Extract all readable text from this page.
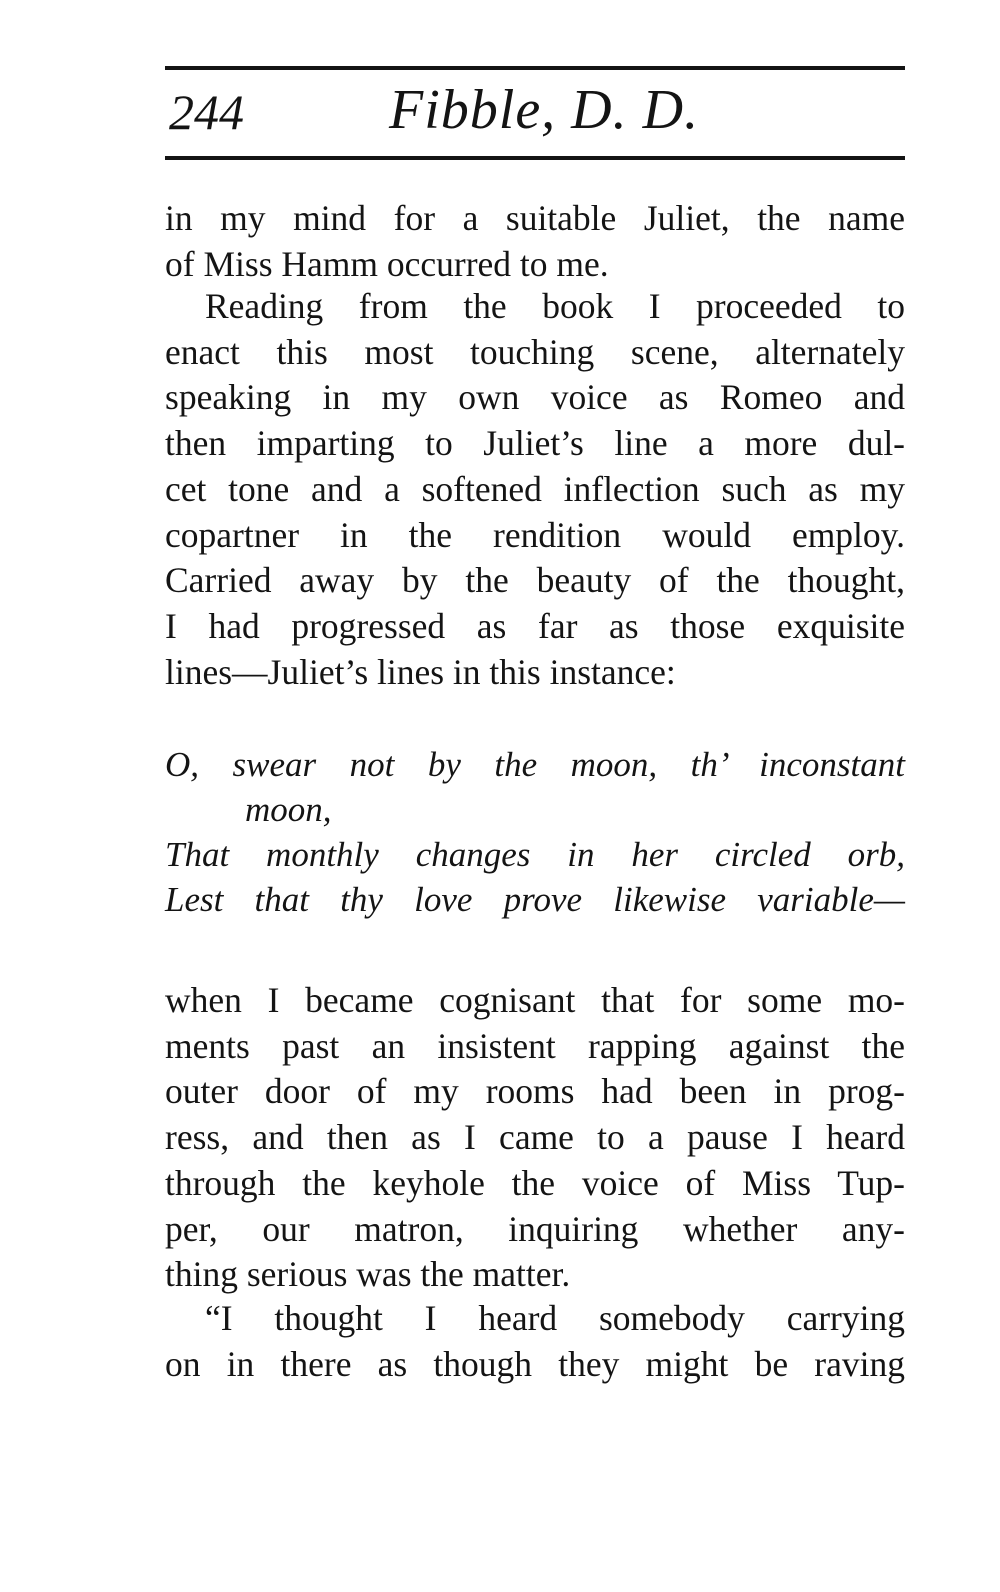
244	Fibble, D. D.
in my mind for a suitable Juliet, the name
of Miss Hamm occurred to me.
Reading from the book I proceeded to
enact this most touching scene, alternately
speaking in my own voice as Romeo and
then imparting to Juliet’s line a more dul-
cet tone and a softened inflection such as my
copartner in the rendition would employ.
Carried away by the beauty of the thought,
I had progressed as far as those exquisite
lines—Juliet’s lines in this instance:
O, swear not by the moon, th’ inconstant
moon,
That monthly changes in her circled orb,
Lest that thy love prove likewise variable—
when I became cognisant that for some mo-
ments past an insistent rapping against the
outer door of my rooms had been in prog-
ress, and then as I came to a pause I heard
through the keyhole the voice of Miss Tup-
per, our matron, inquiring whether any-
thing serious was the matter.
“I thought I heard somebody carrying
on in there as though they might be raving
